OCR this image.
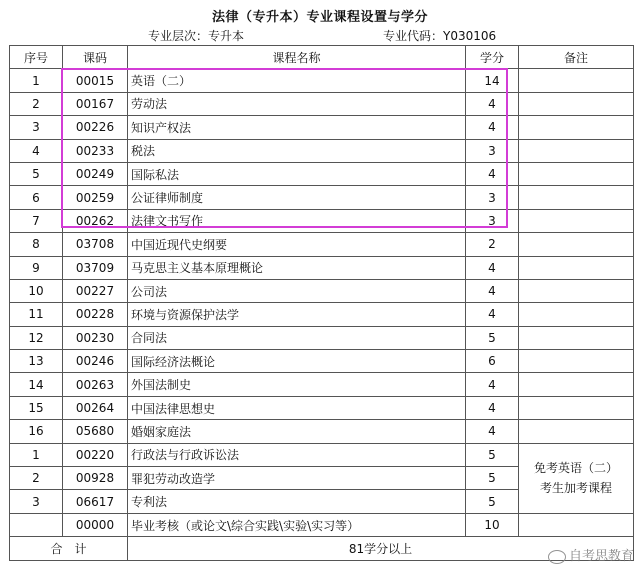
法律（专升本）专业课程设置与学分
专业层次：专升本	专业代码：Y030106
序号	课码	课程名称	学分	备注
1	00015	英语（二）	14	
2	00167	劳动法	4	
3	00226	知识产权法	4	
4	00233	税法	3	
5	00249	国际私法	4	
6	00259	公证律师制度	3	
7	00262	法律文书写作	3	
8	03708	中国近现代史纲要	2	
9	03709	马克思主义基本原理概论	4	
10	00227	公司法	4	
11	00228	环境与资源保护法学	4	
12	00230	合同法	5	
13	00246	国际经济法概论	6	
14	00263	外国法制史	4	
15	00264	中国法律思想史	4	
16	05680	婚姻家庭法	4	
1	00220	行政法与行政诉讼法	5	免考英语（二）
考生加考课程

2	00928	罪犯劳动改造学	5	
3	06617	专利法	5	
	00000	毕业考核（或论文\综合实践\实验\实习等）	10	
合　计		81学分以上		
自考思教育
